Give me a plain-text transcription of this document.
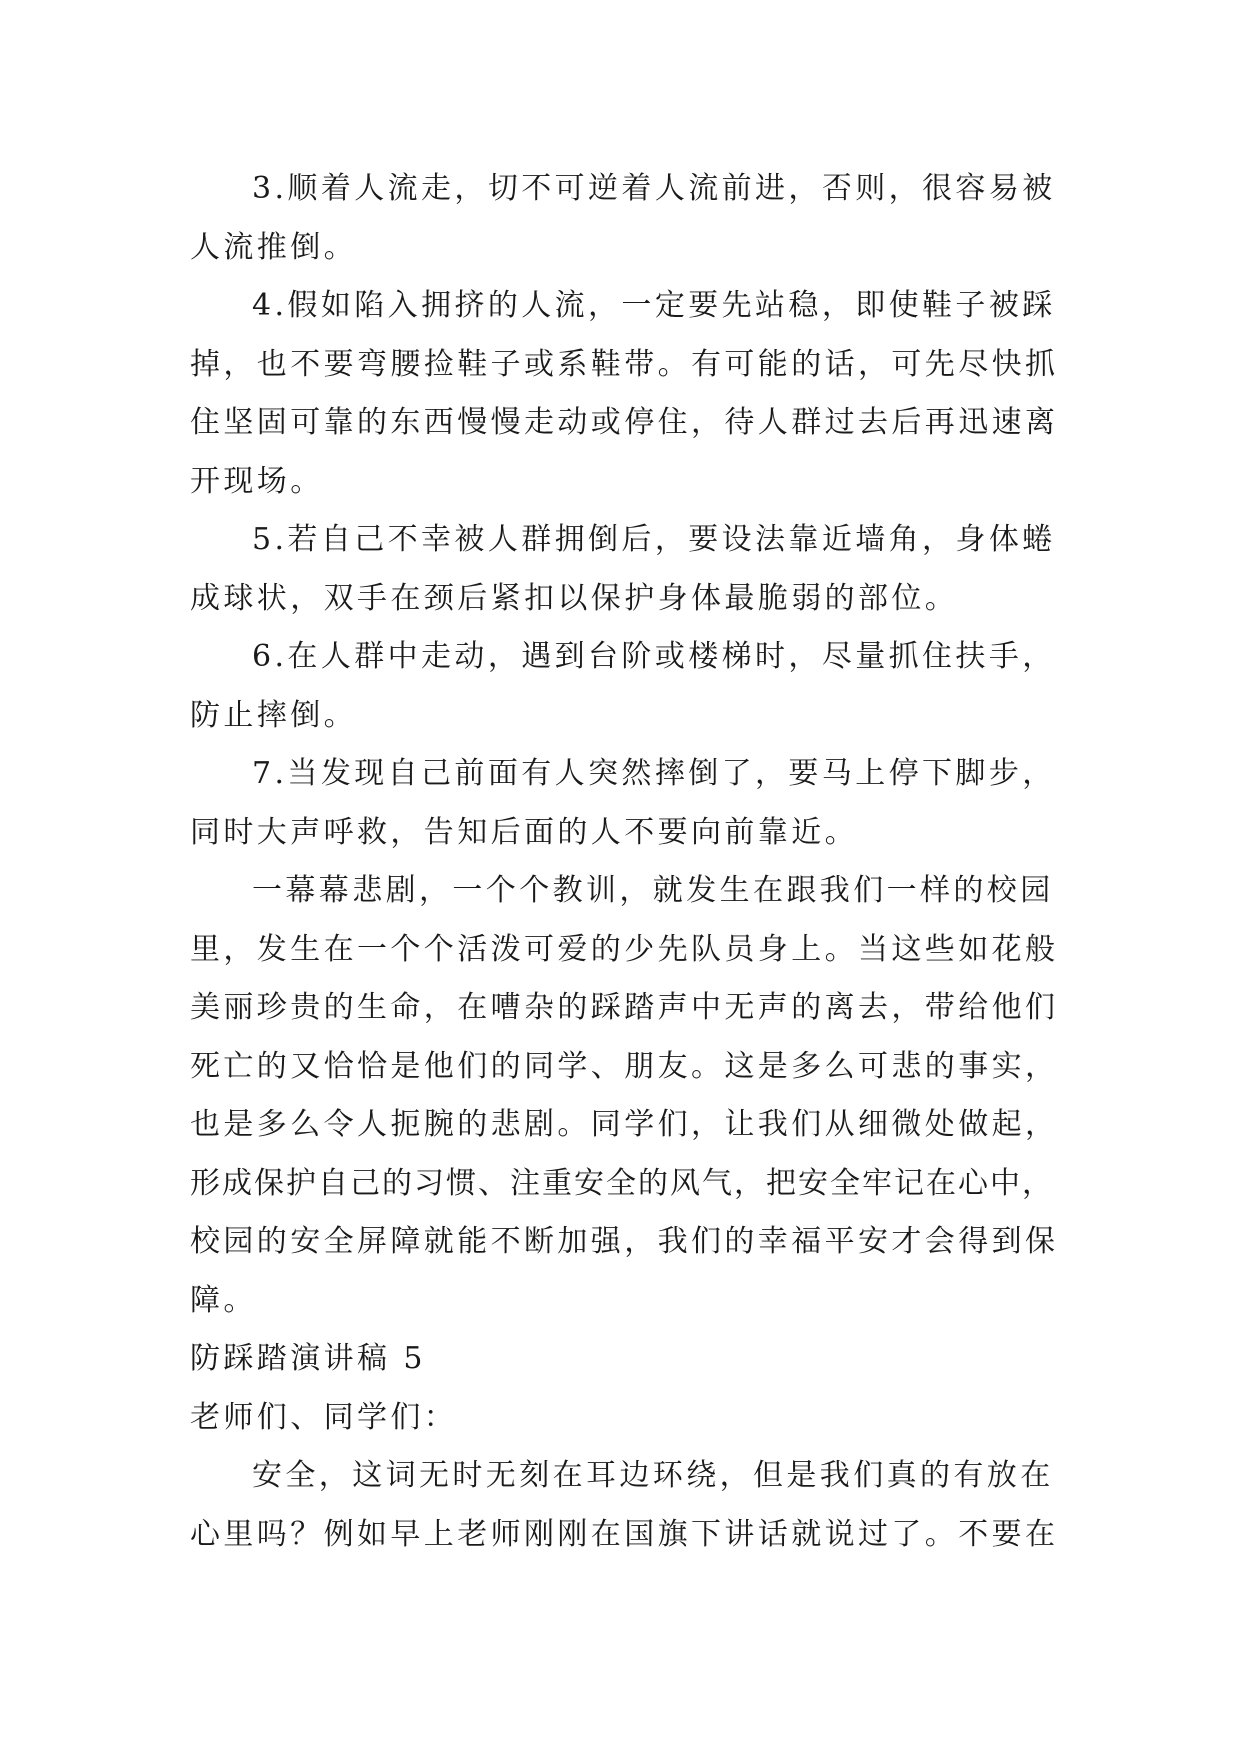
3.顺着人流走，切不可逆着人流前进，否则，很容易被
人流推倒。
4.假如陷入拥挤的人流，一定要先站稳，即使鞋子被踩
掉，也不要弯腰捡鞋子或系鞋带。有可能的话，可先尽快抓
住坚固可靠的东西慢慢走动或停住，待人群过去后再迅速离
开现场。
5.若自己不幸被人群拥倒后，要设法靠近墙角，身体蜷
成球状，双手在颈后紧扣以保护身体最脆弱的部位。
6.在人群中走动，遇到台阶或楼梯时，尽量抓住扶手，
防止摔倒。
7.当发现自己前面有人突然摔倒了，要马上停下脚步，
同时大声呼救，告知后面的人不要向前靠近。
一幕幕悲剧，一个个教训，就发生在跟我们一样的校园
里，发生在一个个活泼可爱的少先队员身上。当这些如花般
美丽珍贵的生命，在嘈杂的踩踏声中无声的离去，带给他们
死亡的又恰恰是他们的同学、朋友。这是多么可悲的事实，
也是多么令人扼腕的悲剧。同学们，让我们从细微处做起，
形成保护自己的习惯、注重安全的风气，把安全牢记在心中，
校园的安全屏障就能不断加强，我们的幸福平安才会得到保
障。
防踩踏演讲稿 5
老师们、同学们：
安全，这词无时无刻在耳边环绕，但是我们真的有放在
心里吗？例如早上老师刚刚在国旗下讲话就说过了。不要在
